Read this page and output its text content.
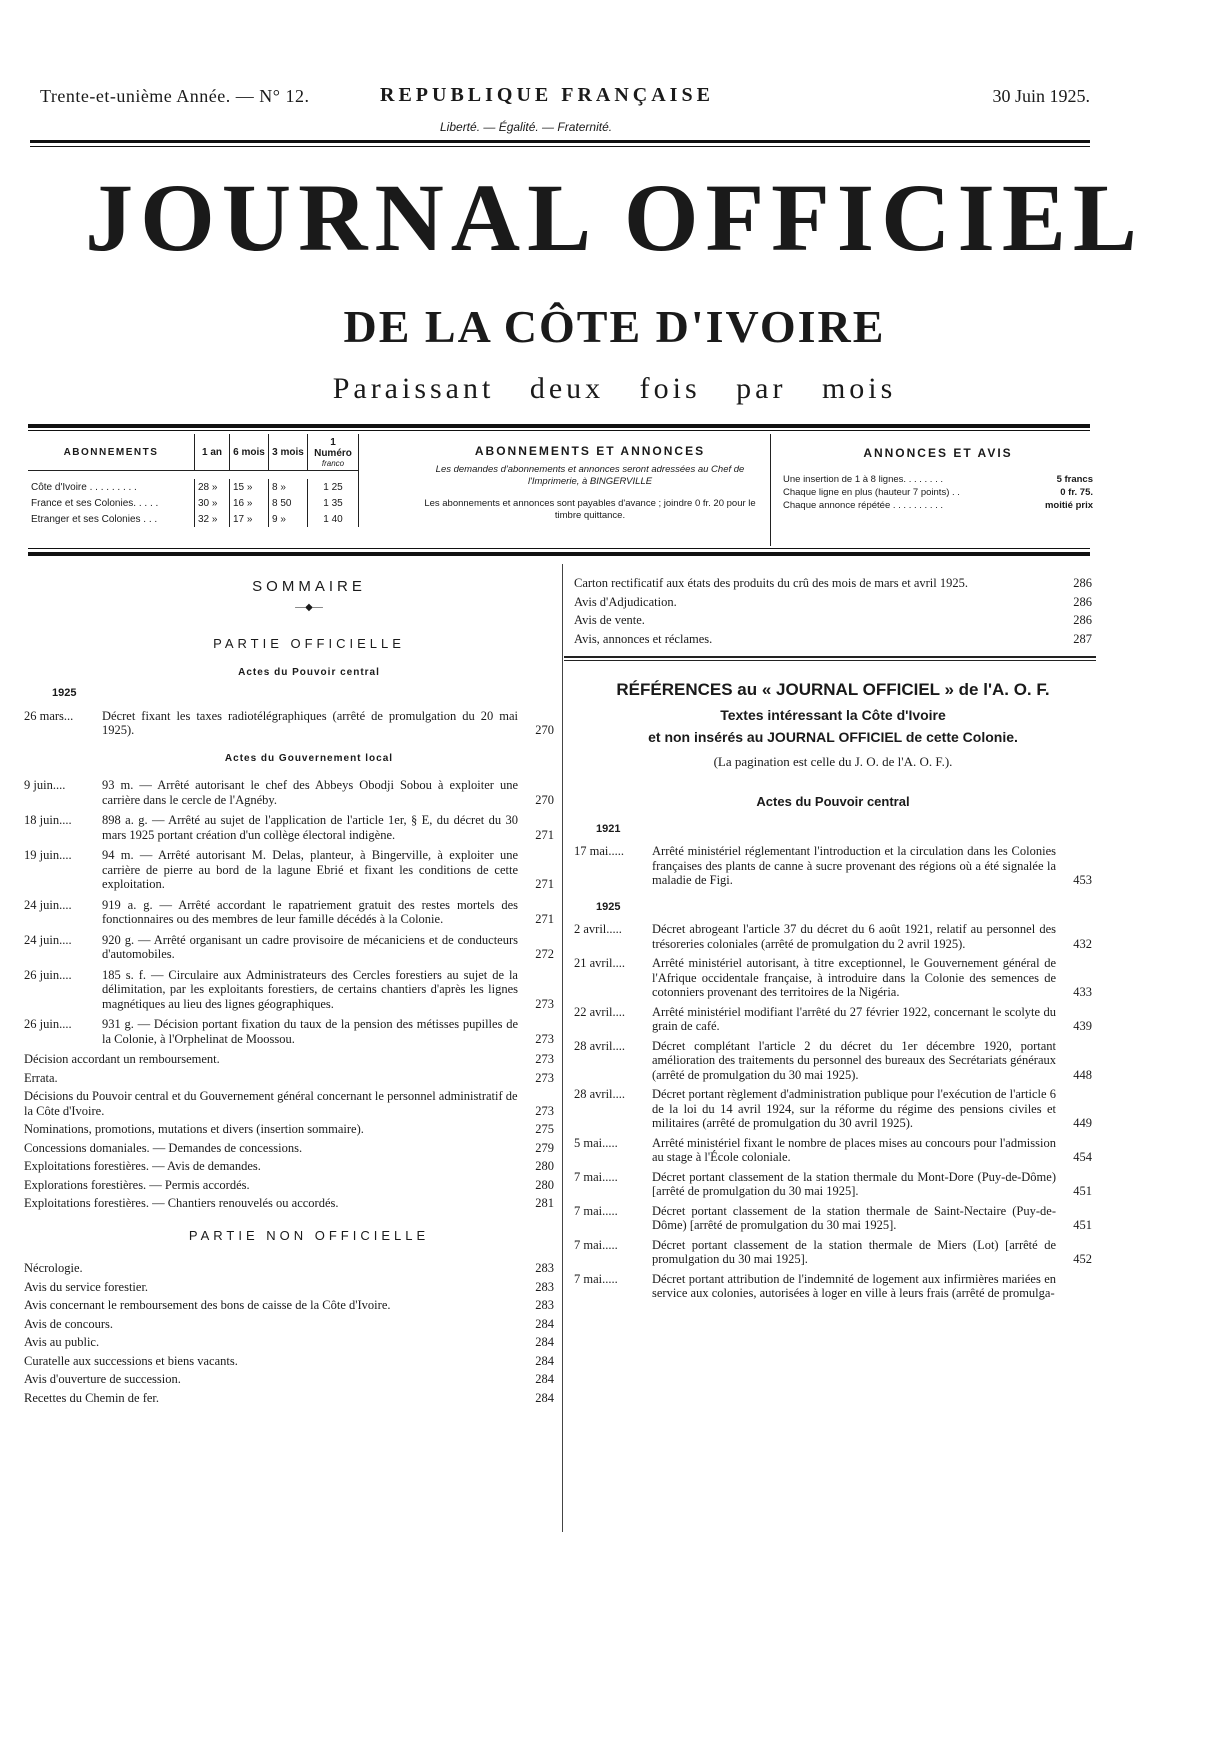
Trente-et-unième Année. — N° 12.	REPUBLIQUE FRANÇAISE	30 Juin 1925.
Liberté. — Égalité. — Fraternité.
JOURNAL OFFICIEL
DE LA CÔTE D'IVOIRE
Paraissant deux fois par mois
ABONNEMENTS	1 an	6 mois	3 mois	1 Numéro
franco

Côte d'Ivoire . . . . . . . . .	28 »	15 »	8 »	1 25
France et ses Colonies. . . . .	30 »	16 »	8 50	1 35
Etranger et ses Colonies . . .	32 »	17 »	9 »	1 40
ABONNEMENTS ET ANNONCES
Les demandes d'abonnements et annonces seront adressées au Chef de l'Imprimerie, à BINGERVILLE
Les abonnements et annonces sont payables d'avance ; joindre 0 fr. 20 pour le timbre quittance.
ANNONCES ET AVIS
Une insertion de 1 à 8 lignes. . . . . . . .	5 francs
Chaque ligne en plus (hauteur 7 points) . .	0 fr. 75.
Chaque annonce répétée . . . . . . . . . .	moitié prix
SOMMAIRE
—◆—
PARTIE OFFICIELLE
Actes du Pouvoir central
1925
26 mars...	Décret fixant les taxes radiotélégraphiques (arrêté de promulgation du 20 mai 1925).	270
Actes du Gouvernement local
9 juin....	93 m. — Arrêté autorisant le chef des Abbeys Obodji Sobou à exploiter une carrière dans le cercle de l'Agnéby.	270
18 juin....	898 a. g. — Arrêté au sujet de l'application de l'article 1er, § E, du décret du 30 mars 1925 portant création d'un collège électoral indigène.	271
19 juin....	94 m. — Arrêté autorisant M. Delas, planteur, à Bingerville, à exploiter une carrière de pierre au bord de la lagune Ebrié et fixant les conditions de cette exploitation.	271
24 juin....	919 a. g. — Arrêté accordant le rapatriement gratuit des restes mortels des fonctionnaires ou des membres de leur famille décédés à la Colonie.	271
24 juin....	920 g. — Arrêté organisant un cadre provisoire de mécaniciens et de conducteurs d'automobiles.	272
26 juin....	185 s. f. — Circulaire aux Administrateurs des Cercles forestiers au sujet de la délimitation, par les exploitants forestiers, de certains chantiers d'après les lignes magnétiques au lieu des lignes géographiques.	273
26 juin....	931 g. — Décision portant fixation du taux de la pension des métisses pupilles de la Colonie, à l'Orphelinat de Moossou.	273
Décision accordant un remboursement.	273
Errata.	273
Décisions du Pouvoir central et du Gouvernement général concernant le personnel administratif de la Côte d'Ivoire.	273
Nominations, promotions, mutations et divers (insertion sommaire).	275
Concessions domaniales. — Demandes de concessions.	279
Exploitations forestières. — Avis de demandes.	280
Explorations forestières. — Permis accordés.	280
Exploitations forestières. — Chantiers renouvelés ou accordés.	281
PARTIE NON OFFICIELLE
Nécrologie.	283
Avis du service forestier.	283
Avis concernant le remboursement des bons de caisse de la Côte d'Ivoire.	283
Avis de concours.	284
Avis au public.	284
Curatelle aux successions et biens vacants.	284
Avis d'ouverture de succession.	284
Recettes du Chemin de fer.	284
Carton rectificatif aux états des produits du crû des mois de mars et avril 1925.	286
Avis d'Adjudication.	286
Avis de vente.	286
Avis, annonces et réclames.	287
RÉFÉRENCES au « JOURNAL OFFICIEL » de l'A. O. F.
Textes intéressant la Côte d'Ivoire
et non insérés au JOURNAL OFFICIEL de cette Colonie.
(La pagination est celle du J. O. de l'A. O. F.).
Actes du Pouvoir central
1921
17 mai.....	Arrêté ministériel réglementant l'introduction et la circulation dans les Colonies françaises des plants de canne à sucre provenant des régions où a été signalée la maladie de Figi.	453
1925
2 avril.....	Décret abrogeant l'article 37 du décret du 6 août 1921, relatif au personnel des trésoreries coloniales (arrêté de promulgation du 2 avril 1925).	432
21 avril....	Arrêté ministériel autorisant, à titre exceptionnel, le Gouvernement général de l'Afrique occidentale française, à introduire dans la Colonie des semences de cotonniers provenant des territoires de la Nigéria.	433
22 avril....	Arrêté ministériel modifiant l'arrêté du 27 février 1922, concernant le scolyte du grain de café.	439
28 avril....	Décret complétant l'article 2 du décret du 1er décembre 1920, portant amélioration des traitements du personnel des bureaux des Secrétariats généraux (arrêté de promulgation du 30 mai 1925).	448
28 avril....	Décret portant règlement d'administration publique pour l'exécution de l'article 6 de la loi du 14 avril 1924, sur la réforme du régime des pensions civiles et militaires (arrêté de promulgation du 30 avril 1925).	449
5 mai.....	Arrêté ministériel fixant le nombre de places mises au concours pour l'admission au stage à l'École coloniale.	454
7 mai.....	Décret portant classement de la station thermale du Mont-Dore (Puy-de-Dôme) [arrêté de promulgation du 30 mai 1925].	451
7 mai.....	Décret portant classement de la station thermale de Saint-Nectaire (Puy-de-Dôme) [arrêté de promulgation du 30 mai 1925].	451
7 mai.....	Décret portant classement de la station thermale de Miers (Lot) [arrêté de promulgation du 30 mai 1925].	452
7 mai.....	Décret portant attribution de l'indemnité de logement aux infirmières mariées en service aux colonies, autorisées à loger en ville à leurs frais (arrêté de promulga-
